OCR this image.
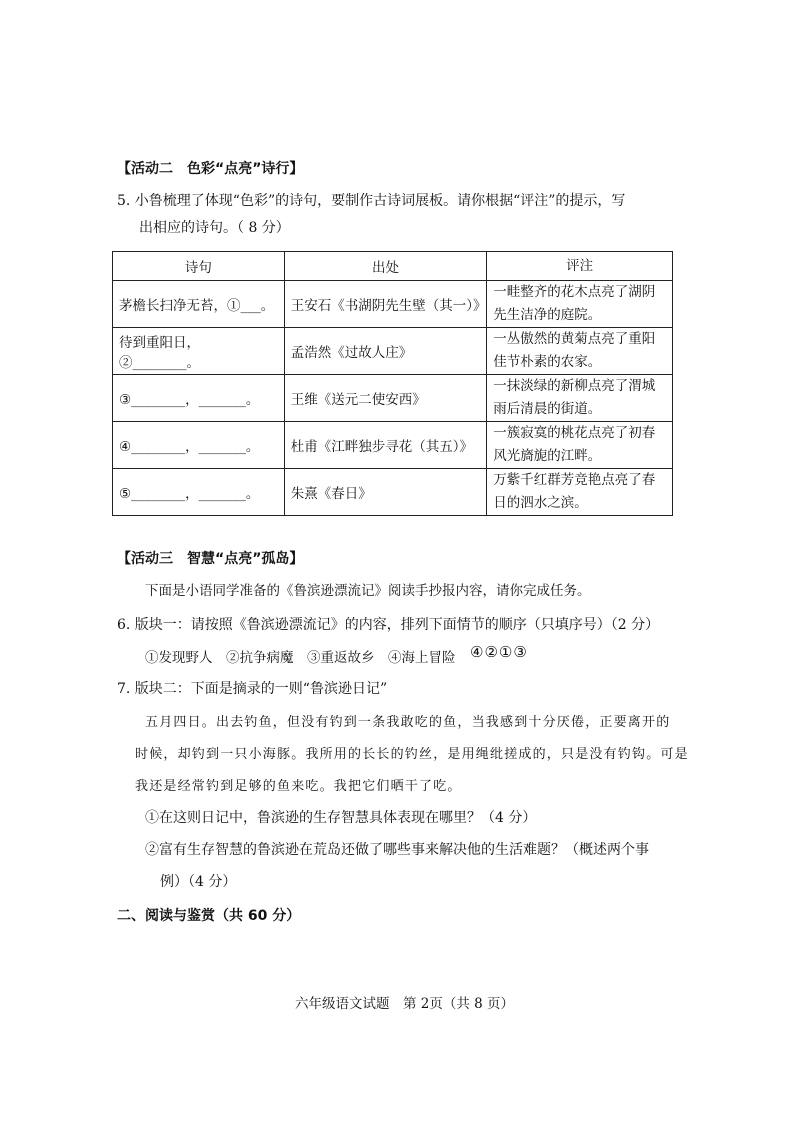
【活动二　色彩“点亮”诗行】
5. 小鲁梳理了体现“色彩”的诗句，要制作古诗词展板。请你根据“评注”的提示，写
出相应的诗句。（ 8 分）
诗句	出处	评注
茅檐长扫净无苔，①___。	王安石《书湖阴先生壁（其一）》	一畦整齐的花木点亮了湖阴先生洁净的庭院。
待到重阳日，②________。	孟浩然《过故人庄》	一丛傲然的黄菊点亮了重阳佳节朴素的农家。
③________，_______。	王维《送元二使安西》	一抹淡绿的新柳点亮了渭城雨后清晨的街道。
④________，_______。	杜甫《江畔独步寻花（其五）》	一簇寂寞的桃花点亮了初春风光旖旎的江畔。
⑤________，_______。	朱熹《春日》	万紫千红群芳竞艳点亮了春日的泗水之滨。
【活动三　智慧“点亮”孤岛】
下面是小语同学准备的《鲁滨逊漂流记》阅读手抄报内容，请你完成任务。
6. 版块一：请按照《鲁滨逊漂流记》的内容，排列下面情节的顺序（只填序号）（2 分）
①发现野人　②抗争病魔　③重返故乡　④海上冒险 ④②①③
7. 版块二：下面是摘录的一则“鲁滨逊日记”
五月四日。出去钓鱼，但没有钓到一条我敢吃的鱼，当我感到十分厌倦，正要离开的
时候，却钓到一只小海豚。我所用的长长的钓丝，是用绳纰搓成的，只是没有钓钩。可是
我还是经常钓到足够的鱼来吃。我把它们晒干了吃。
①在这则日记中，鲁滨逊的生存智慧具体表现在哪里？（4 分）
②富有生存智慧的鲁滨逊在荒岛还做了哪些事来解决他的生活难题？（概述两个事
例）（4 分）
二、阅读与鉴赏（共 60 分）
六年级语文试题　第 2页（共 8 页）
